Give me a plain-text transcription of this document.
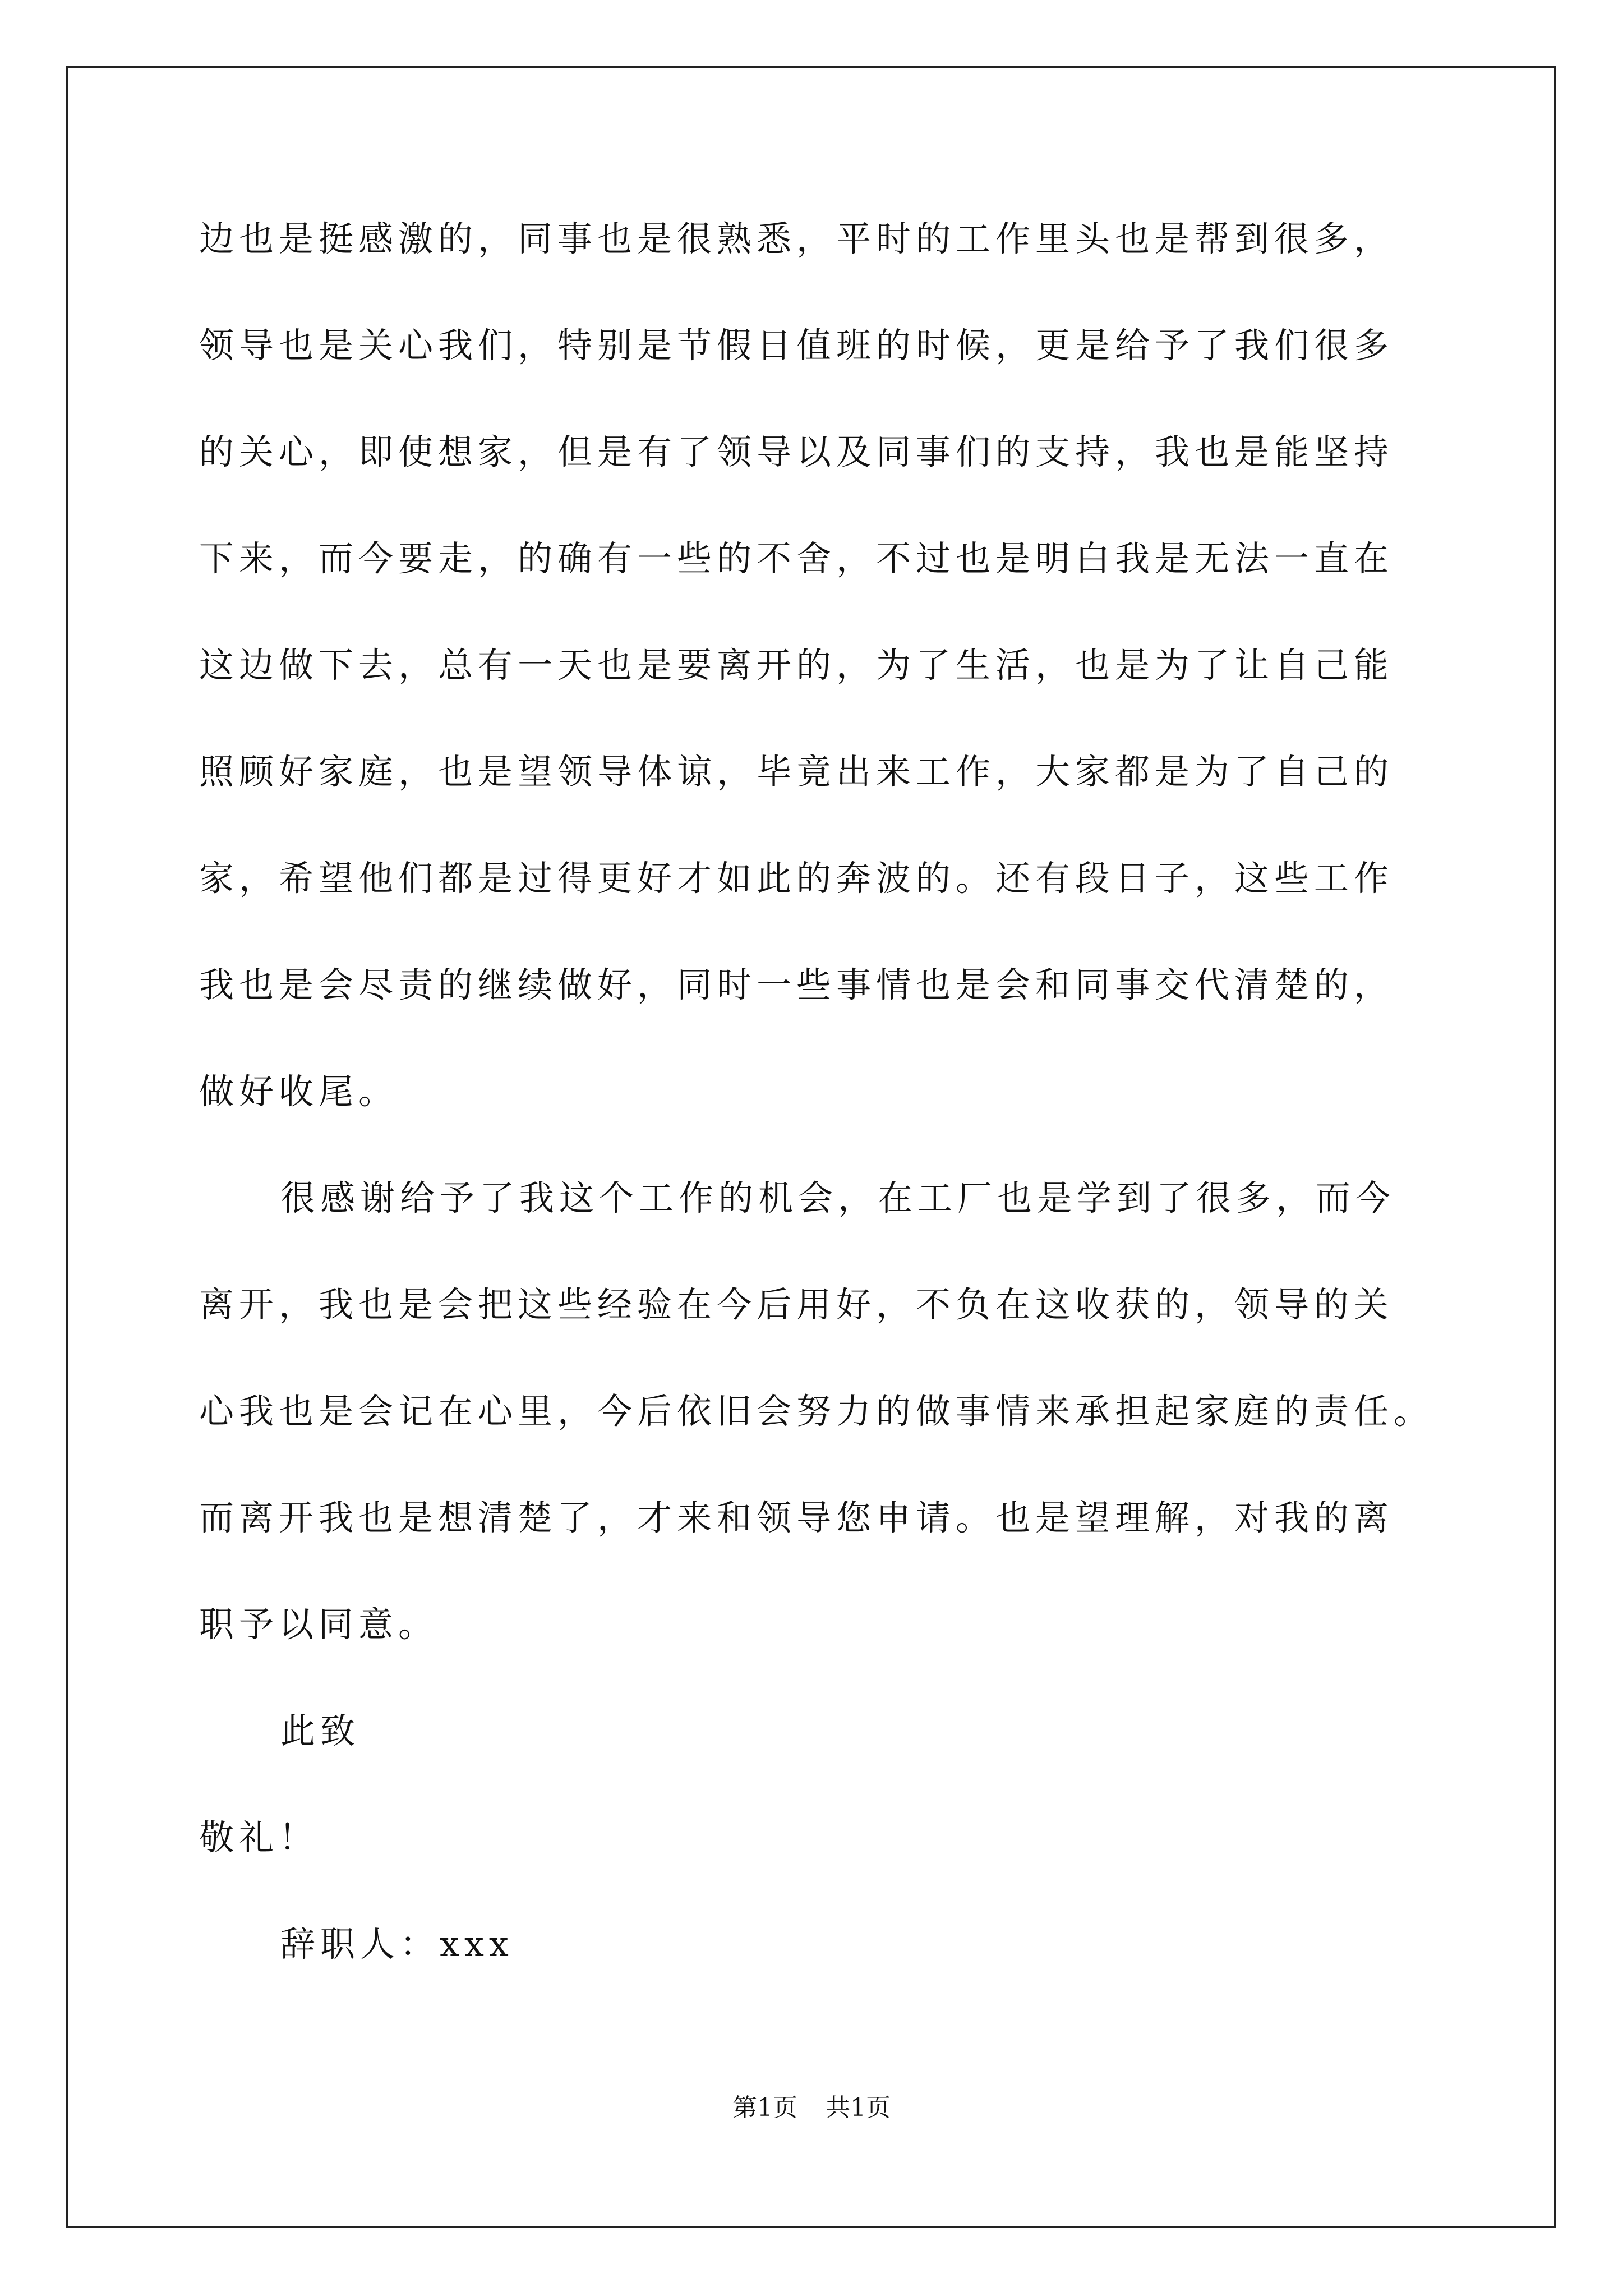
边也是挺感激的，同事也是很熟悉，平时的工作里头也是帮到很多，
领导也是关心我们，特别是节假日值班的时候，更是给予了我们很多
的关心，即使想家，但是有了领导以及同事们的支持，我也是能坚持
下来，而今要走，的确有一些的不舍，不过也是明白我是无法一直在
这边做下去，总有一天也是要离开的，为了生活，也是为了让自己能
照顾好家庭，也是望领导体谅，毕竟出来工作，大家都是为了自己的
家，希望他们都是过得更好才如此的奔波的。还有段日子，这些工作
我也是会尽责的继续做好，同时一些事情也是会和同事交代清楚的，
做好收尾。
很感谢给予了我这个工作的机会，在工厂也是学到了很多，而今
离开，我也是会把这些经验在今后用好，不负在这收获的，领导的关
心我也是会记在心里，今后依旧会努力的做事情来承担起家庭的责任。
而离开我也是想清楚了，才来和领导您申请。也是望理解，对我的离
职予以同意。
此致
敬礼！
辞职人：xxx
第1页 共1页
